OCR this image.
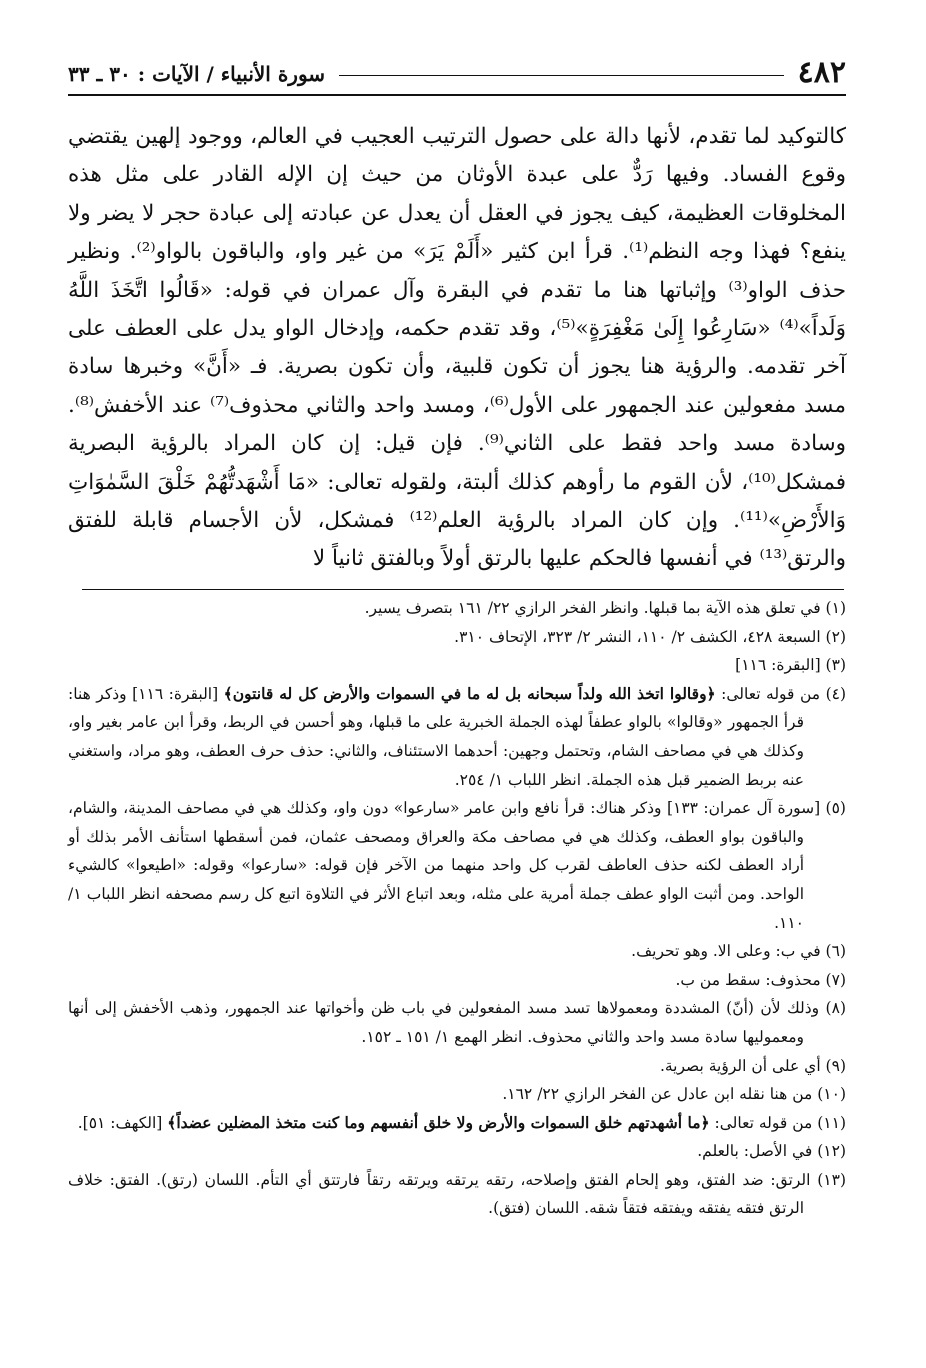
٤٨٢
سورة الأنبياء / الآيات : ٣٠ ـ ٣٣

كالتوكيد لما تقدم، لأنها دالة على حصول الترتيب العجيب في العالم، ووجود إلهين يقتضي وقوع الفساد. وفيها رَدٌّ على عبدة الأوثان من حيث إن الإله القادر على مثل هذه المخلوقات العظيمة، كيف يجوز في العقل أن يعدل عن عبادته إلى عبادة حجر لا يضر ولا ينفع؟ فهذا وجه النظم⁽¹⁾. قرأ ابن كثير «أَلَمْ يَرَ» من غير واو، والباقون بالواو⁽²⁾. ونظير حذف الواو⁽³⁾ وإثباتها هنا ما تقدم في البقرة وآل عمران في قوله: «قَالُوا اتَّخَذَ اللَّهُ وَلَداً»⁽⁴⁾ «سَارِعُوا إِلَىٰ مَغْفِرَةٍ»⁽⁵⁾، وقد تقدم حكمه، وإدخال الواو يدل على العطف على آخر تقدمه. والرؤية هنا يجوز أن تكون قلبية، وأن تكون بصرية. فـ «أَنَّ» وخبرها سادة مسد مفعولين عند الجمهور على الأول⁽⁶⁾، ومسد واحد والثاني محذوف⁽⁷⁾ عند الأخفش⁽⁸⁾. وسادة مسد واحد فقط على الثاني⁽⁹⁾. فإن قيل: إن كان المراد بالرؤية البصرية فمشكل⁽¹⁰⁾، لأن القوم ما رأوهم كذلك ألبتة، ولقوله تعالى: «مَا أَشْهَدتُّهُمْ خَلْقَ السَّمٰوَاتِ وَالأَرْضِ»⁽¹¹⁾. وإن كان المراد بالرؤية العلم⁽¹²⁾ فمشكل، لأن الأجسام قابلة للفتق والرتق⁽¹³⁾ في أنفسها فالحكم عليها بالرتق أولاً وبالفتق ثانياً لا

(١) في تعلق هذه الآية بما قبلها. وانظر الفخر الرازي ٢٢/ ١٦١ بتصرف يسير.

(٢) السبعة ٤٢٨، الكشف ٢/ ١١٠، النشر ٢/ ٣٢٣، الإتحاف ٣١٠.

(٣) [البقرة: ١١٦]

(٤) من قوله تعالى: ﴿وقالوا اتخذ الله ولداً سبحانه بل له ما في السموات والأرض كل له قانتون﴾ [البقرة: ١١٦] وذكر هنا: قرأ الجمهور «وقالوا» بالواو عطفاً لهذه الجملة الخبرية على ما قبلها، وهو أحسن في الربط، وقرأ ابن عامر بغير واو، وكذلك هي في مصاحف الشام، وتحتمل وجهين: أحدهما الاستئناف، والثاني: حذف حرف العطف، وهو مراد، واستغني عنه بربط الضمير قبل هذه الجملة. انظر اللباب ١/ ٢٥٤.

(٥) [سورة آل عمران: ١٣٣] وذكر هناك: قرأ نافع وابن عامر «سارعوا» دون واو، وكذلك هي في مصاحف المدينة، والشام، والباقون بواو العطف، وكذلك هي في مصاحف مكة والعراق ومصحف عثمان، فمن أسقطها استأنف الأمر بذلك أو أراد العطف لكنه حذف العاطف لقرب كل واحد منهما من الآخر فإن قوله: «سارعوا» وقوله: «اطيعوا» كالشيء الواحد. ومن أثبت الواو عطف جملة أمرية على مثله، وبعد اتباع الأثر في التلاوة اتبع كل رسم مصحفه انظر اللباب ١/ ١١٠.

(٦) في ب: وعلى الا. وهو تحريف.

(٧) محذوف: سقط من ب.

(٨) وذلك لأن (أنّ) المشددة ومعمولاها تسد مسد المفعولين في باب ظن وأخواتها عند الجمهور، وذهب الأخفش إلى أنها ومعموليها سادة مسد واحد والثاني محذوف. انظر الهمع ١/ ١٥١ ـ ١٥٢.

(٩) أي على أن الرؤية بصرية.

(١٠) من هنا نقله ابن عادل عن الفخر الرازي ٢٢/ ١٦٢.

(١١) من قوله تعالى: ﴿ما أشهدتهم خلق السموات والأرض ولا خلق أنفسهم وما كنت متخذ المضلين عضداً﴾ [الكهف: ٥١].

(١٢) في الأصل: بالعلم.

(١٣) الرتق: ضد الفتق، وهو إلحام الفتق وإصلاحه، رتقه يرتقه ويرتقه رتقاً فارتتق أي التأم. اللسان (رتق). الفتق: خلاف الرتق فتقه يفتقه ويفتقه فتقاً شقه. اللسان (فتق).
